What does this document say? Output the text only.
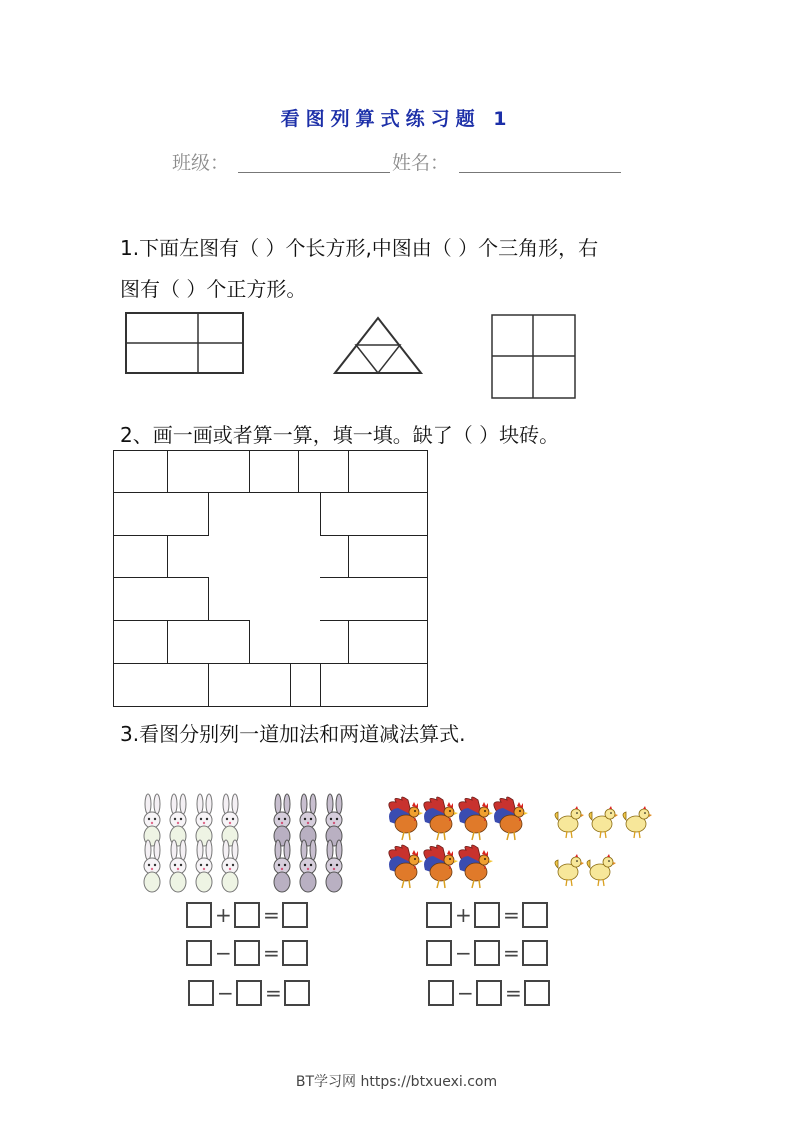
看图列算式练习题 1
班级：	姓名：
1.下面左图有（ ）个长方形,中图由（ ）个三角形，右
图有（ ）个正方形。
2、画一画或者算一算，填一填。缺了（ ）块砖。
3.看图分别列一道加法和两道减法算式.
+ =
− =
− =
+ =
− =
− =
BT学习网 https://btxuexi.com
